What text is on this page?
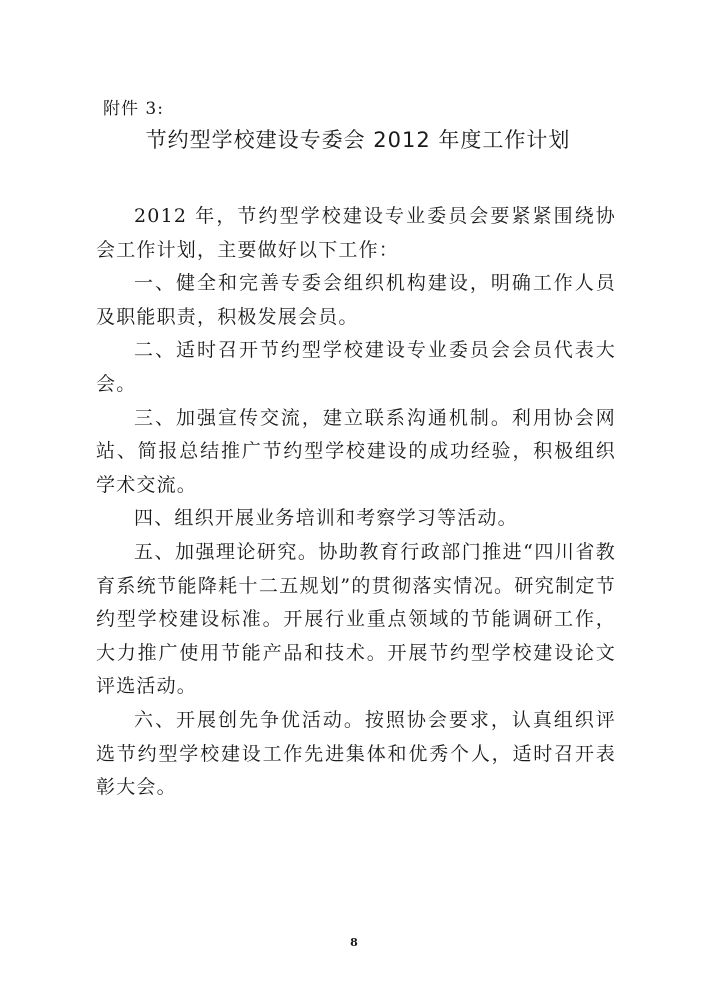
附件 3:
节约型学校建设专委会 2012 年度工作计划

2012 年，节约型学校建设专业委员会要紧紧围绕协会工作计划，主要做好以下工作：

一、健全和完善专委会组织机构建设，明确工作人员及职能职责，积极发展会员。

二、适时召开节约型学校建设专业委员会会员代表大会。

三、加强宣传交流，建立联系沟通机制。利用协会网站、简报总结推广节约型学校建设的成功经验，积极组织学术交流。

四、组织开展业务培训和考察学习等活动。

五、加强理论研究。协助教育行政部门推进“四川省教育系统节能降耗十二五规划”的贯彻落实情况。研究制定节约型学校建设标准。开展行业重点领域的节能调研工作，大力推广使用节能产品和技术。开展节约型学校建设论文评选活动。

六、开展创先争优活动。按照协会要求，认真组织评选节约型学校建设工作先进集体和优秀个人，适时召开表彰大会。

8
